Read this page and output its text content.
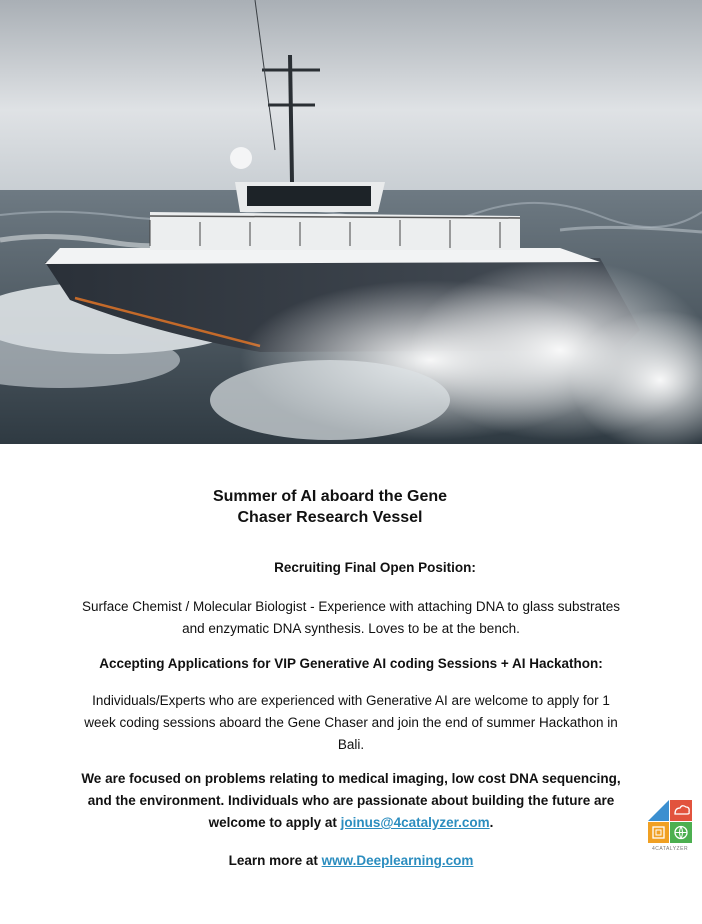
Summer of AI aboard the Gene
Chaser Research Vessel
Recruiting Final Open Position:
Surface Chemist / Molecular Biologist - Experience with attaching DNA to glass substrates
and enzymatic DNA synthesis. Loves to be at the bench.
Accepting Applications for VIP Generative AI coding Sessions + AI Hackathon:
Individuals/Experts who are experienced with Generative AI are welcome to apply for 1
week coding sessions aboard the Gene Chaser and join the end of summer Hackathon in
Bali.
We are focused on problems relating to medical imaging, low cost DNA sequencing,
and the environment. Individuals who are passionate about building the future are
welcome to apply at joinus@4catalyzer.com.
Learn more at www.Deeplearning.com
4CATALYZER
